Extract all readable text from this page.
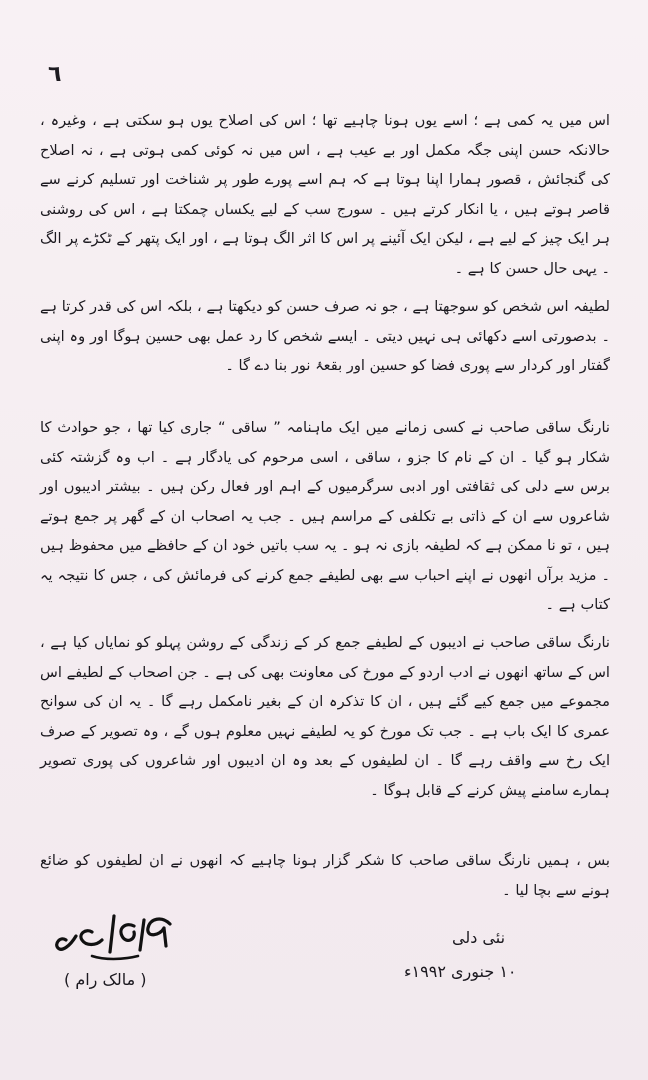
٦

اس میں یہ کمی ہے ؛ اسے یوں ہونا چاہیے تھا ؛ اس کی اصلاح یوں ہو سکتی ہے ، وغیرہ ، حالانکہ حسن اپنی جگہ مکمل اور بے عیب ہے ، اس میں نہ کوئی کمی ہوتی ہے ، نہ اصلاح کی گنجائش ، قصور ہمارا اپنا ہوتا ہے کہ ہم اسے پورے طور پر شناخت اور تسلیم کرنے سے قاصر ہوتے ہیں ، یا انکار کرتے ہیں ۔ سورج سب کے لیے یکساں چمکتا ہے ، اس کی روشنی ہر ایک چیز کے لیے ہے ، لیکن ایک آئینے پر اس کا اثر الگ ہوتا ہے ، اور ایک پتھر کے ٹکڑے پر الگ ۔ یہی حال حسن کا ہے ۔

لطیفہ اس شخص کو سوجھتا ہے ، جو نہ صرف حسن کو دیکھتا ہے ، بلکہ اس کی قدر کرتا ہے ۔ بدصورتی اسے دکھائی ہی نہیں دیتی ۔ ایسے شخص کا رد عمل بھی حسین ہوگا اور وہ اپنی گفتار اور کردار سے پوری فضا کو حسین اور بقعۂ نور بنا دے گا ۔

نارنگ ساقی صاحب نے کسی زمانے میں ایک ماہنامہ ” ساقی “ جاری کیا تھا ، جو حوادث کا شکار ہو گیا ۔ ان کے نام کا جزو ، ساقی ، اسی مرحوم کی یادگار ہے ۔ اب وہ گزشتہ کئی برس سے دلی کی ثقافتی اور ادبی سرگرمیوں کے اہم اور فعال رکن ہیں ۔ بیشتر ادیبوں اور شاعروں سے ان کے ذاتی بے تکلفی کے مراسم ہیں ۔ جب یہ اصحاب ان کے گھر پر جمع ہوتے ہیں ، تو نا ممکن ہے کہ لطیفہ بازی نہ ہو ۔ یہ سب باتیں خود ان کے حافظے میں محفوظ ہیں ۔ مزید برآں انھوں نے اپنے احباب سے بھی لطیفے جمع کرنے کی فرمائش کی ، جس کا نتیجہ یہ کتاب ہے ۔

نارنگ ساقی صاحب نے ادیبوں کے لطیفے جمع کر کے زندگی کے روشن پہلو کو نمایاں کیا ہے ، اس کے ساتھ انھوں نے ادب اردو کے مورخ کی معاونت بھی کی ہے ۔ جن اصحاب کے لطیفے اس مجموعے میں جمع کیے گئے ہیں ، ان کا تذکرہ ان کے بغیر نامکمل رہے گا ۔ یہ ان کی سوانح عمری کا ایک باب ہے ۔ جب تک مورخ کو یہ لطیفے نہیں معلوم ہوں گے ، وہ تصویر کے صرف ایک رخ سے واقف رہے گا ۔ ان لطیفوں کے بعد وہ ان ادیبوں اور شاعروں کی پوری تصویر ہمارے سامنے پیش کرنے کے قابل ہوگا ۔

بس ، ہمیں نارنگ ساقی صاحب کا شکر گزار ہونا چاہیے کہ انھوں نے ان لطیفوں کو ضائع ہونے سے بچا لیا ۔

نئی دلی
۱۰ جنوری ۱۹۹۲ء
( مالک رام )
